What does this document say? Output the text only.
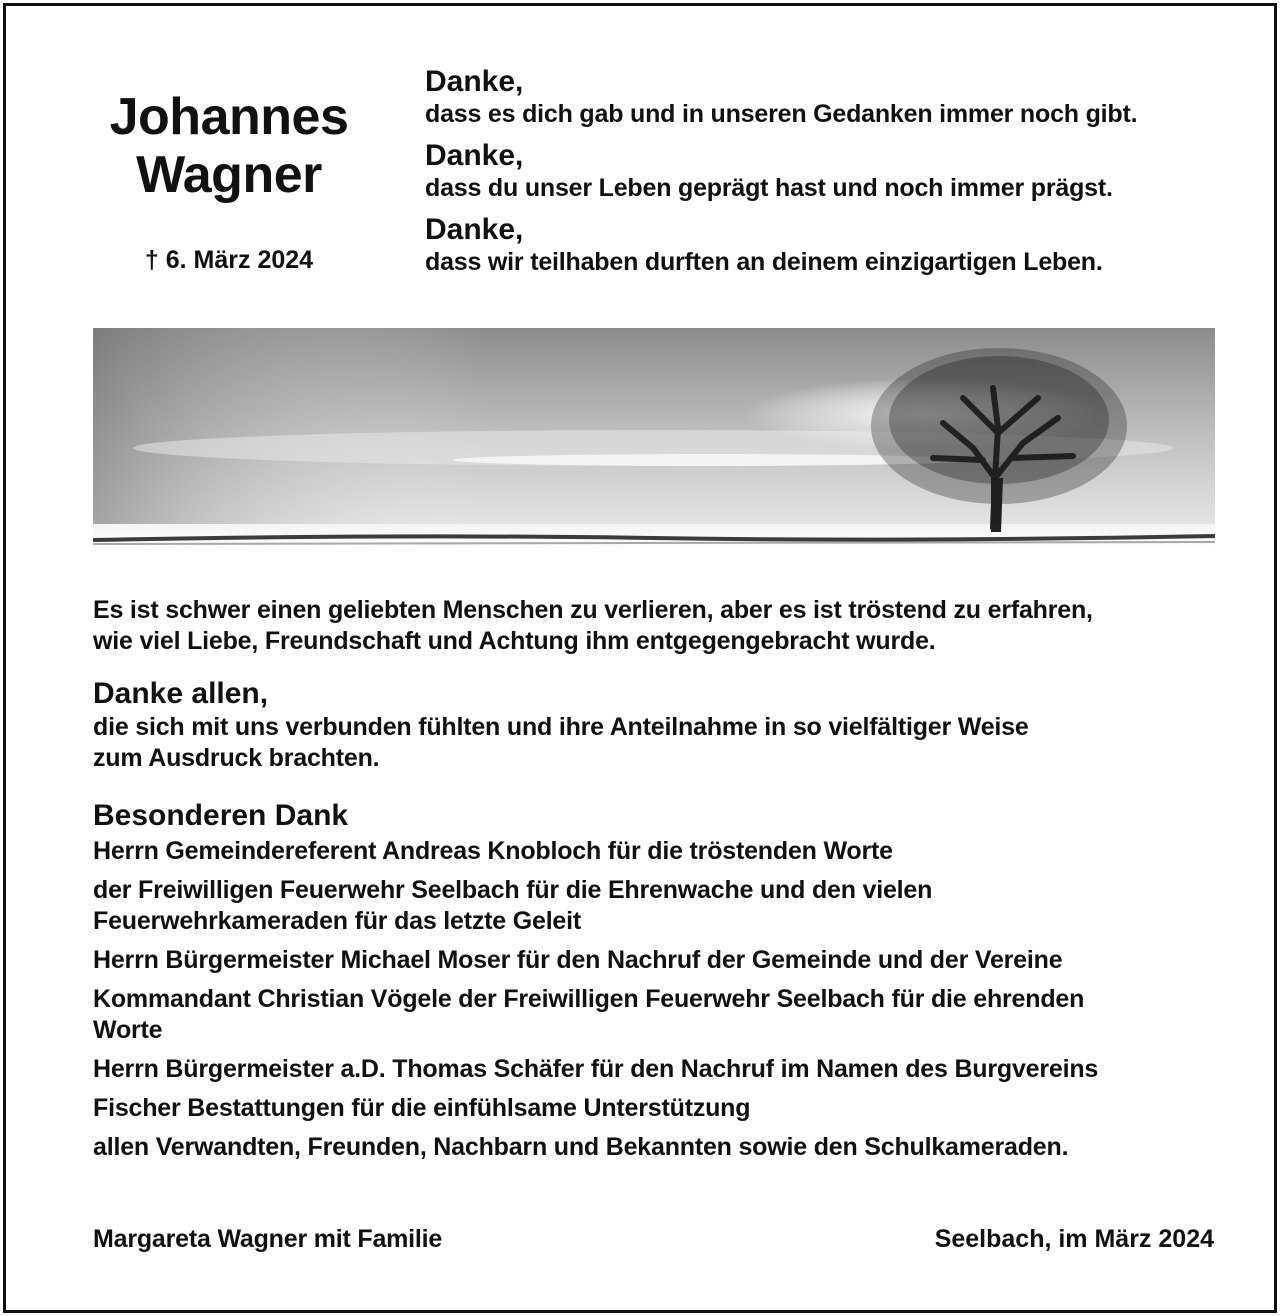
Johannes
Wagner
† 6. März 2024
Danke,
dass es dich gab und in unseren Gedanken immer noch gibt.
Danke,
dass du unser Leben geprägt hast und noch immer prägst.
Danke,
dass wir teilhaben durften an deinem einzigartigen Leben.
Es ist schwer einen geliebten Menschen zu verlieren, aber es ist tröstend zu erfahren,
wie viel Liebe, Freundschaft und Achtung ihm entgegengebracht wurde.
Danke allen,
die sich mit uns verbunden fühlten und ihre Anteilnahme in so vielfältiger Weise
zum Ausdruck brachten.
Besonderen Dank
Herrn Gemeindereferent Andreas Knobloch für die tröstenden Worte
der Freiwilligen Feuerwehr Seelbach für die Ehrenwache und den vielen
Feuerwehrkameraden für das letzte Geleit
Herrn Bürgermeister Michael Moser für den Nachruf der Gemeinde und der Vereine
Kommandant Christian Vögele der Freiwilligen Feuerwehr Seelbach für die ehrenden
Worte
Herrn Bürgermeister a.D. Thomas Schäfer für den Nachruf im Namen des Burgvereins
Fischer Bestattungen für die einfühlsame Unterstützung
allen Verwandten, Freunden, Nachbarn und Bekannten sowie den Schulkameraden.
Margareta Wagner mit Familie	Seelbach, im März 2024
